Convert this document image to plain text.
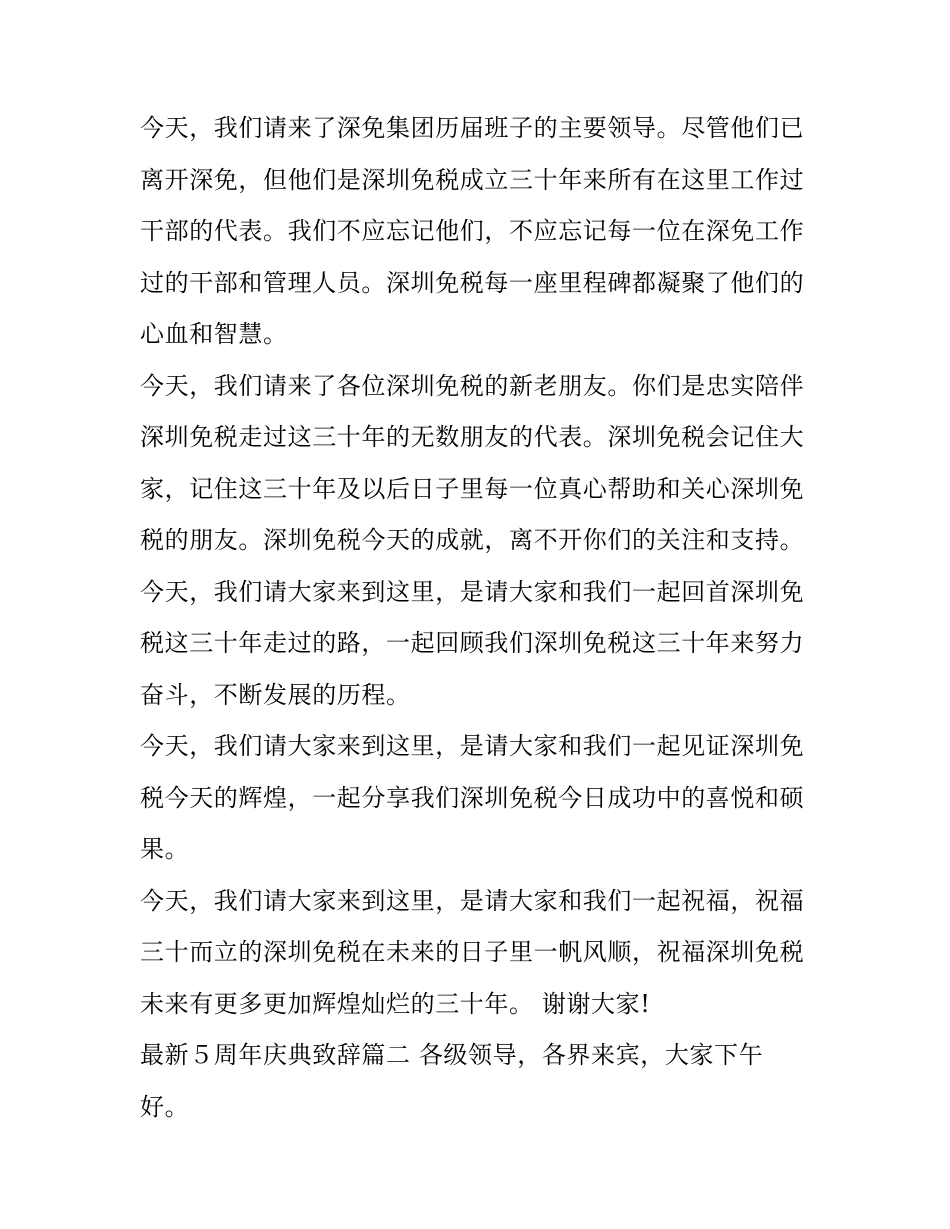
今天，我们请来了深免集团历届班子的主要领导。尽管他们已
离开深免，但他们是深圳免税成立三十年来所有在这里工作过
干部的代表。我们不应忘记他们，不应忘记每一位在深免工作
过的干部和管理人员。深圳免税每一座里程碑都凝聚了他们的
心血和智慧。
今天，我们请来了各位深圳免税的新老朋友。你们是忠实陪伴
深圳免税走过这三十年的无数朋友的代表。深圳免税会记住大
家，记住这三十年及以后日子里每一位真心帮助和关心深圳免
税的朋友。深圳免税今天的成就，离不开你们的关注和支持。
今天，我们请大家来到这里，是请大家和我们一起回首深圳免
税这三十年走过的路，一起回顾我们深圳免税这三十年来努力
奋斗，不断发展的历程。
今天，我们请大家来到这里，是请大家和我们一起见证深圳免
税今天的辉煌，一起分享我们深圳免税今日成功中的喜悦和硕
果。
今天，我们请大家来到这里，是请大家和我们一起祝福，祝福
三十而立的深圳免税在未来的日子里一帆风顺，祝福深圳免税
未来有更多更加辉煌灿烂的三十年。 谢谢大家!
最新５周年庆典致辞篇二 各级领导，各界来宾，大家下午
好。
